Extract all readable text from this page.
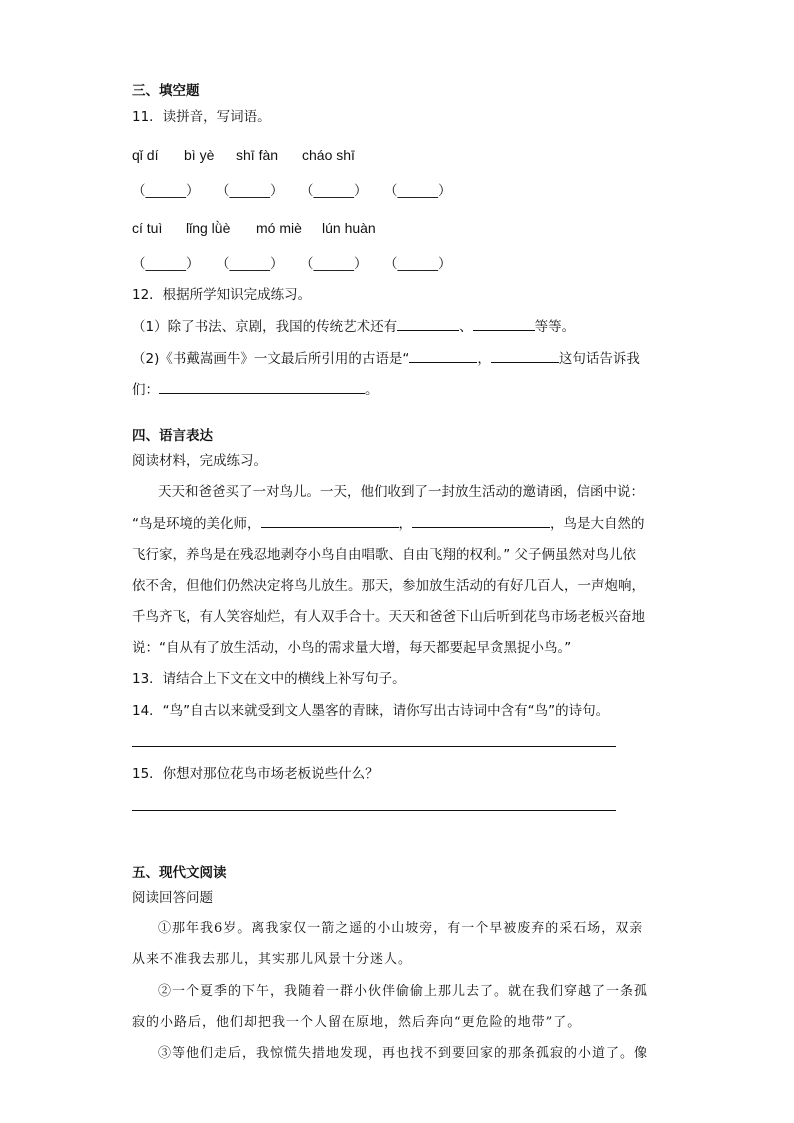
三、填空题
11．读拼音，写词语。
qǐ dí bì yè shī fàn cháo shī
（______） （______） （______） （______）
cí tuì lǐng lǜè mó miè lún huàn
（______） （______） （______） （______）
12．根据所学知识完成练习。
（1）除了书法、京剧，我国的传统艺术还有	、	等等。
（2)《书戴嵩画牛》一文最后所引用的古语是“	，	这句话告诉我
们：	。
四、语言表达
阅读材料，完成练习。
天天和爸爸买了一对鸟儿。一天，他们收到了一封放生活动的邀请函，信函中说：
“鸟是环境的美化师，	，	，鸟是大自然的
飞行家，养鸟是在残忍地剥夺小鸟自由唱歌、自由飞翔的权利。” 父子俩虽然对鸟儿依
依不舍，但他们仍然决定将鸟儿放生。那天，参加放生活动的有好几百人，一声炮响，
千鸟齐飞，有人笑容灿烂，有人双手合十。天天和爸爸下山后听到花鸟市场老板兴奋地
说：“自从有了放生活动，小鸟的需求量大增，每天都要起早贪黑捉小鸟。”
13．请结合上下文在文中的横线上补写句子。
14．“鸟”自古以来就受到文人墨客的青睐，请你写出古诗词中含有“鸟”的诗句。
15．你想对那位花鸟市场老板说些什么？
五、现代文阅读
阅读回答问题
①那年我6岁。离我家仅一箭之遥的小山坡旁，有一个早被废弃的采石场，双亲
从来不准我去那儿，其实那儿风景十分迷人。
②一个夏季的下午，我随着一群小伙伴偷偷上那儿去了。就在我们穿越了一条孤
寂的小路后，他们却把我一个人留在原地，然后奔向“更危险的地带”了。
③等他们走后，我惊慌失措地发现，再也找不到要回家的那条孤寂的小道了。像
